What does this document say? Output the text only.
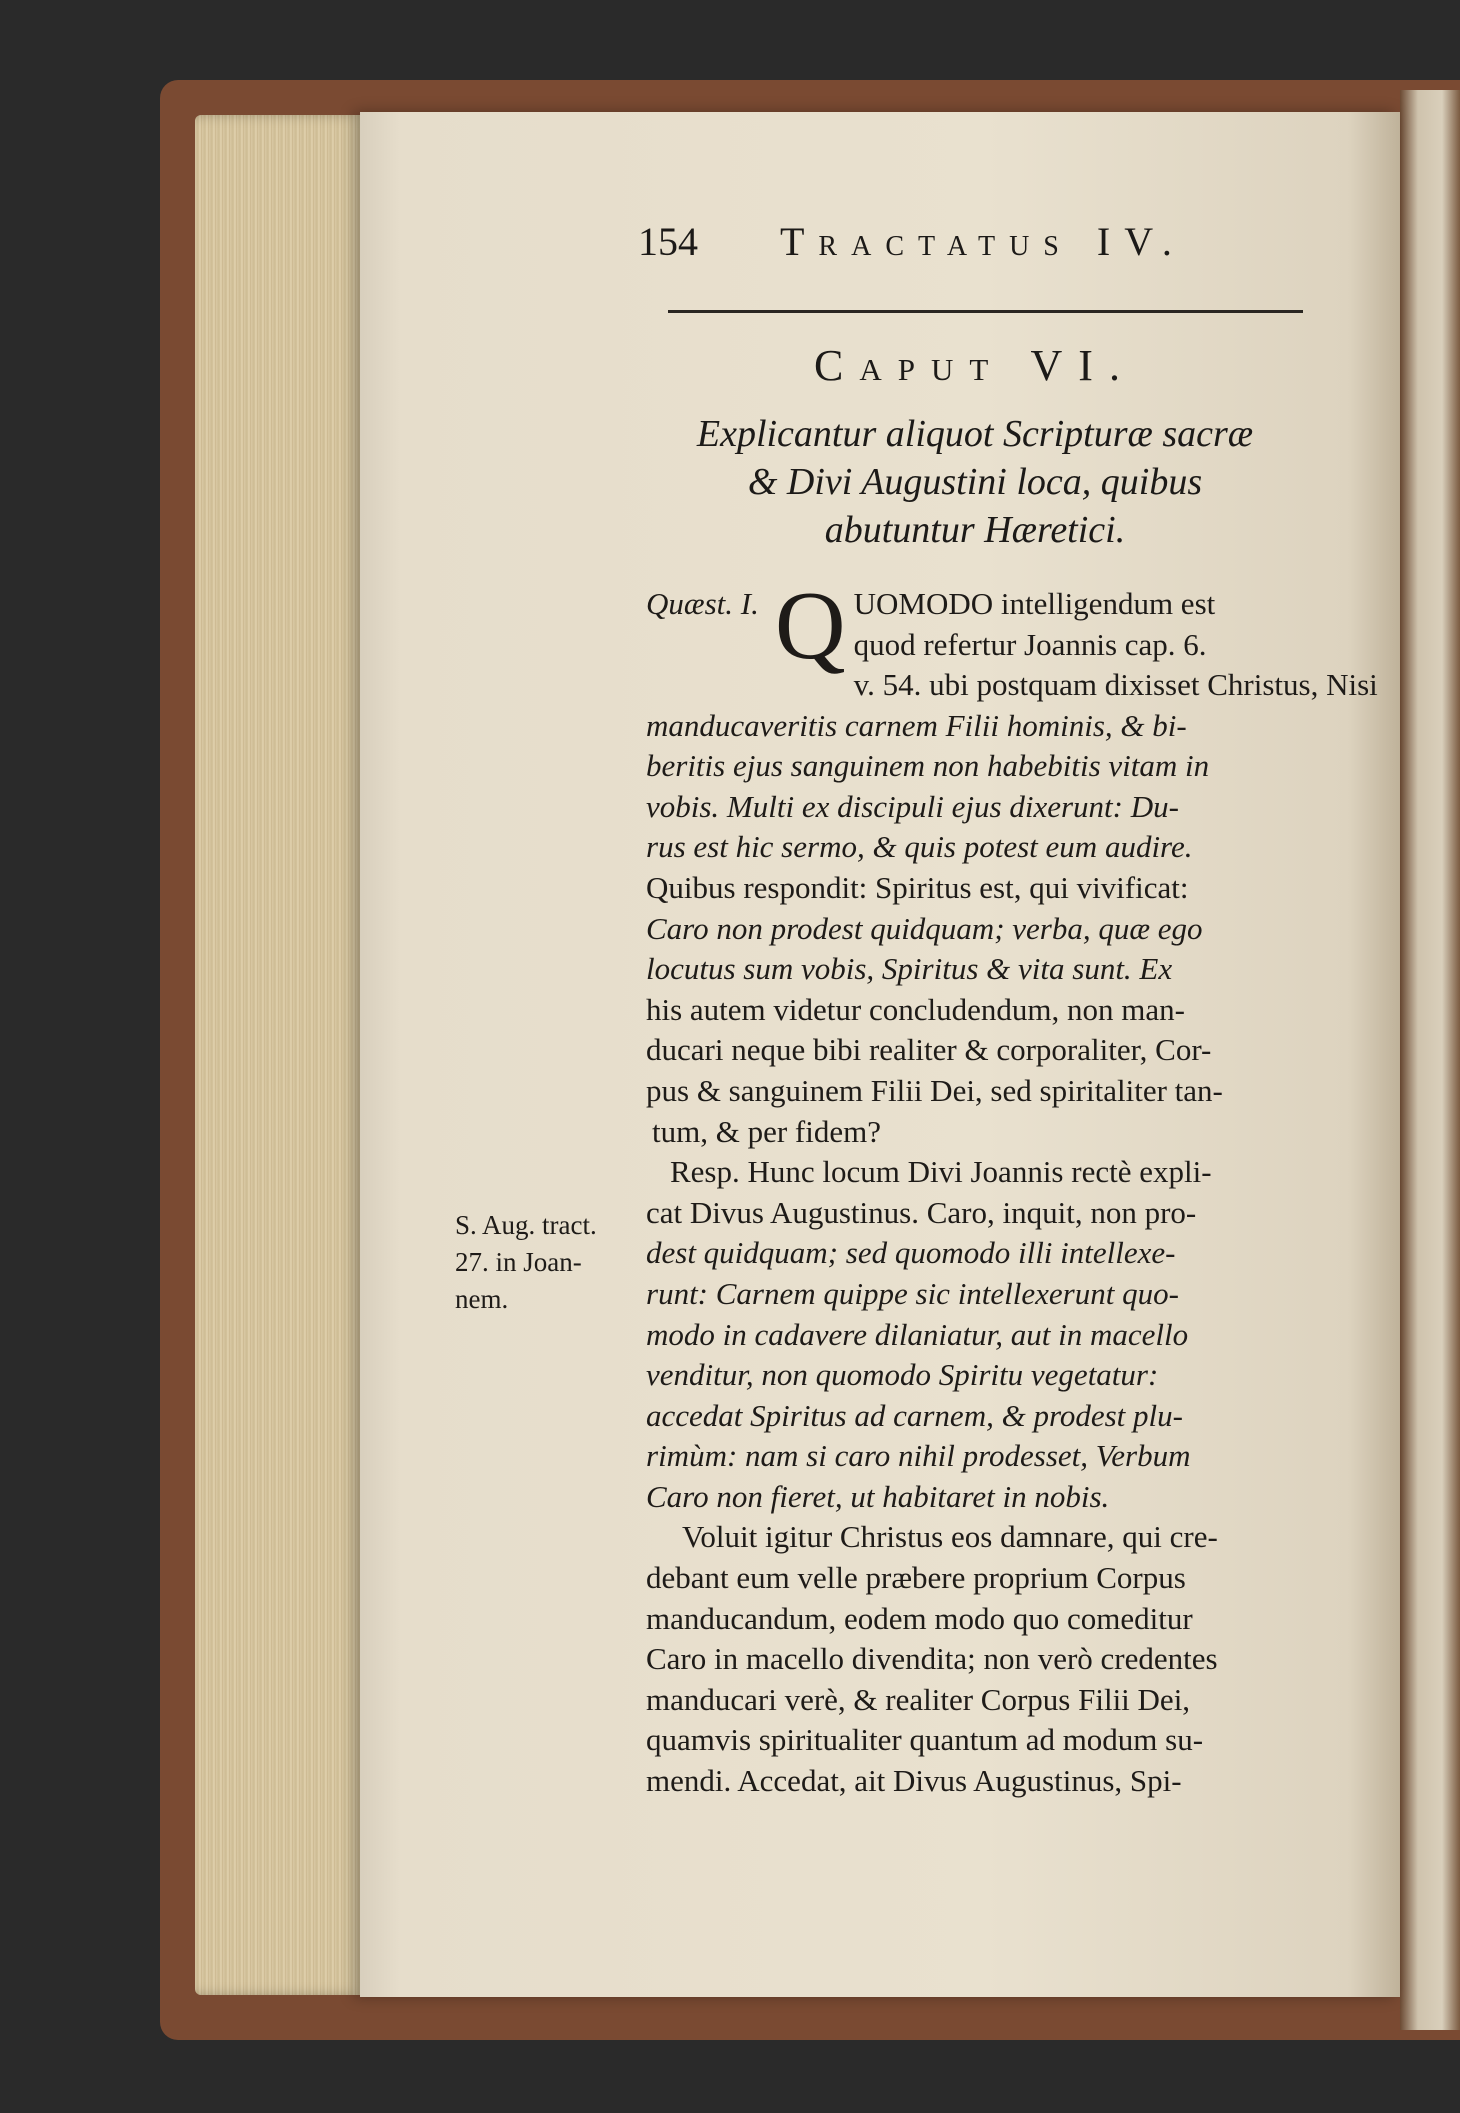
154 Tractatus IV.
Caput VI.
Explicantur aliquot Scripturæ sacræ
& Divi Augustini loca, quibus
abutuntur Hæretici.
Quæst. I. Q UOMODO intelligendum est
quod refertur Joannis cap. 6.
v. 54. ubi postquam dixisset Christus, Nisi
manducaveritis carnem Filii hominis, & bi-
beritis ejus sanguinem non habebitis vitam in
vobis. Multi ex discipuli ejus dixerunt: Du-
rus est hic sermo, & quis potest eum audire.
Quibus respondit: Spiritus est, qui vivificat:
Caro non prodest quidquam; verba, quæ ego
locutus sum vobis, Spiritus & vita sunt. Ex
his autem videtur concludendum, non man-
ducari neque bibi realiter & corporaliter, Cor-
pus & sanguinem Filii Dei, sed spiritaliter tan-
tum, & per fidem?
Resp. Hunc locum Divi Joannis rectè expli-
cat Divus Augustinus. Caro, inquit, non pro-
dest quidquam; sed quomodo illi intellexe-
runt: Carnem quippe sic intellexerunt quo-
modo in cadavere dilaniatur, aut in macello
venditur, non quomodo Spiritu vegetatur:
accedat Spiritus ad carnem, & prodest plu-
rimùm: nam si caro nihil prodesset, Verbum
Caro non fieret, ut habitaret in nobis.
Voluit igitur Christus eos damnare, qui cre-
debant eum velle præbere proprium Corpus
manducandum, eodem modo quo comeditur
Caro in macello divendita; non verò credentes
manducari verè, & realiter Corpus Filii Dei,
quamvis spiritualiter quantum ad modum su-
mendi. Accedat, ait Divus Augustinus, Spi-
S. Aug. tract.
27. in Joan-
nem.
